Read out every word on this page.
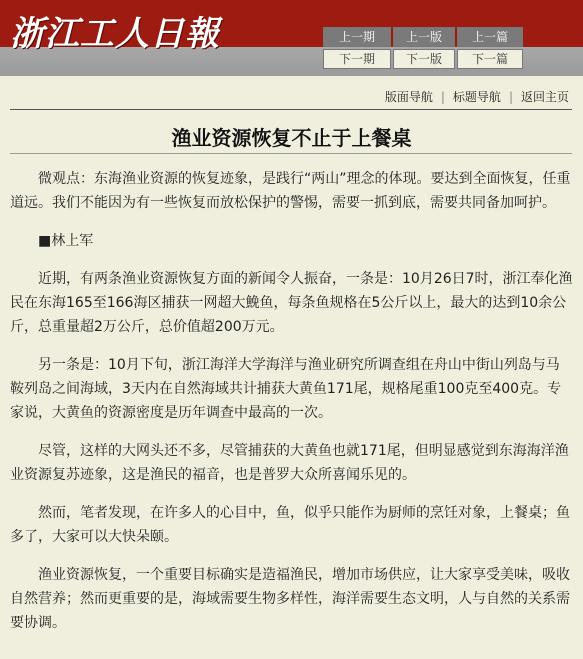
浙江工人日報	上一期	上一版	上一篇
下一期	下一版	下一篇
版面导航 | 标题导航 | 返回主页
渔业资源恢复不止于上餐桌

微观点：东海渔业资源的恢复迹象，是践行“两山”理念的体现。要达到全面恢复，任重道远。我们不能因为有一些恢复而放松保护的警惕，需要一抓到底，需要共同备加呵护。

■林上军

近期，有两条渔业资源恢复方面的新闻令人振奋，一条是：10月26日7时，浙江奉化渔民在东海165至166海区捕获一网超大鮸鱼，每条鱼规格在5公斤以上，最大的达到10余公斤，总重量超2万公斤，总价值超200万元。

另一条是：10月下旬，浙江海洋大学海洋与渔业研究所调查组在舟山中街山列岛与马鞍列岛之间海域，3天内在自然海域共计捕获大黄鱼171尾，规格尾重100克至400克。专家说，大黄鱼的资源密度是历年调查中最高的一次。

尽管，这样的大网头还不多，尽管捕获的大黄鱼也就171尾，但明显感觉到东海海洋渔业资源复苏迹象，这是渔民的福音，也是普罗大众所喜闻乐见的。

然而，笔者发现，在许多人的心目中，鱼，似乎只能作为厨师的烹饪对象，上餐桌；鱼多了，大家可以大快朵颐。

渔业资源恢复，一个重要目标确实是造福渔民，增加市场供应，让大家享受美味，吸收自然营养；然而更重要的是，海域需要生物多样性，海洋需要生态文明，人与自然的关系需要协调。
